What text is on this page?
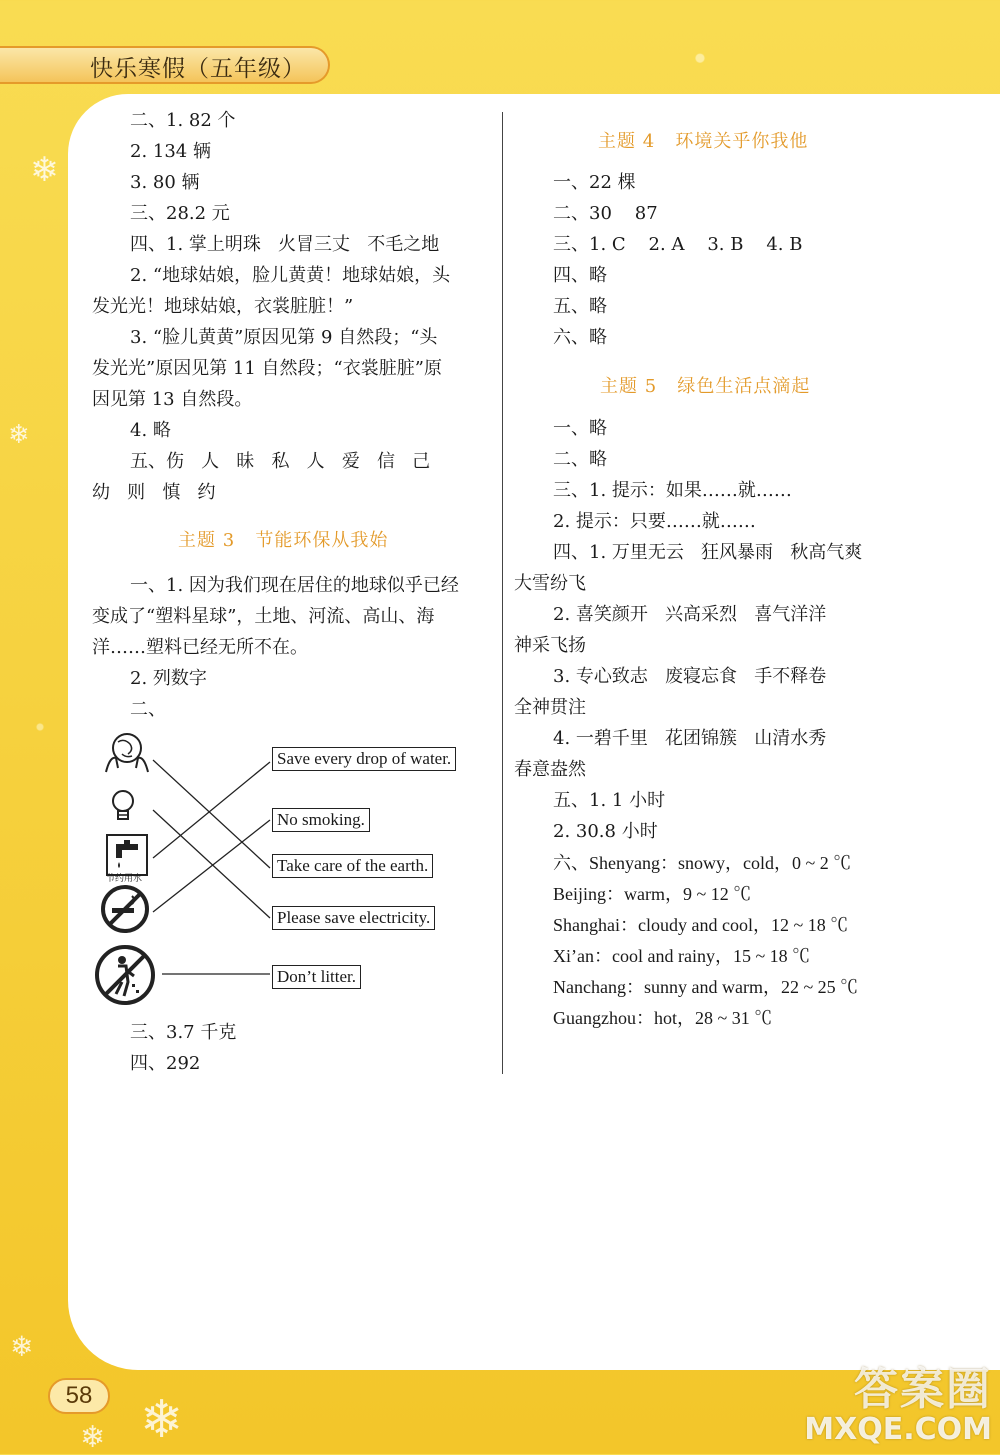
快乐寒假（五年级）
❄
❄
❄
❄
❄
二、1. 82 个
2. 134 辆
3. 80 辆
三、28.2 元
四、1. 掌上明珠   火冒三丈   不毛之地
2. “地球姑娘，脸儿黄黄！地球姑娘，头
发光光！地球姑娘，衣裳脏脏！”
3. “脸儿黄黄”原因见第 9 自然段；“头
发光光”原因见第 11 自然段；“衣裳脏脏”原
因见第 13 自然段。
4. 略
五、伤   人   昧   私   人   爱   信   己
幼   则   慎   约
主题 3   节能环保从我始
一、1. 因为我们现在居住的地球似乎已经
变成了“塑料星球”，土地、河流、高山、海
洋……塑料已经无所不在。
2. 列数字
二、
节约用水
Save every drop of water.
No smoking.
Take care of the earth.
Please save electricity.
Don’t litter.
三、3.7 千克
四、292
主题 4   环境关乎你我他
一、22 棵
二、30    87
三、1. C    2. A    3. B    4. B
四、略
五、略
六、略
主题 5   绿色生活点滴起
一、略
二、略
三、1. 提示：如果……就……
2. 提示：只要……就……
四、1. 万里无云   狂风暴雨   秋高气爽
大雪纷飞
2. 喜笑颜开   兴高采烈   喜气洋洋
神采飞扬
3. 专心致志   废寝忘食   手不释卷
全神贯注
4. 一碧千里   花团锦簇   山清水秀
春意盎然
五、1. 1 小时
2. 30.8 小时
六、Shenyang：snowy，cold，0 ~ 2 ℃
Beijing：warm，9 ~ 12 ℃
Shanghai：cloudy and cool，12 ~ 18 ℃
Xi’an：cool and rainy，15 ~ 18 ℃
Nanchang：sunny and warm，22 ~ 25 ℃
Guangzhou：hot，28 ~ 31 ℃
58	答案圈
MXQE.COM
